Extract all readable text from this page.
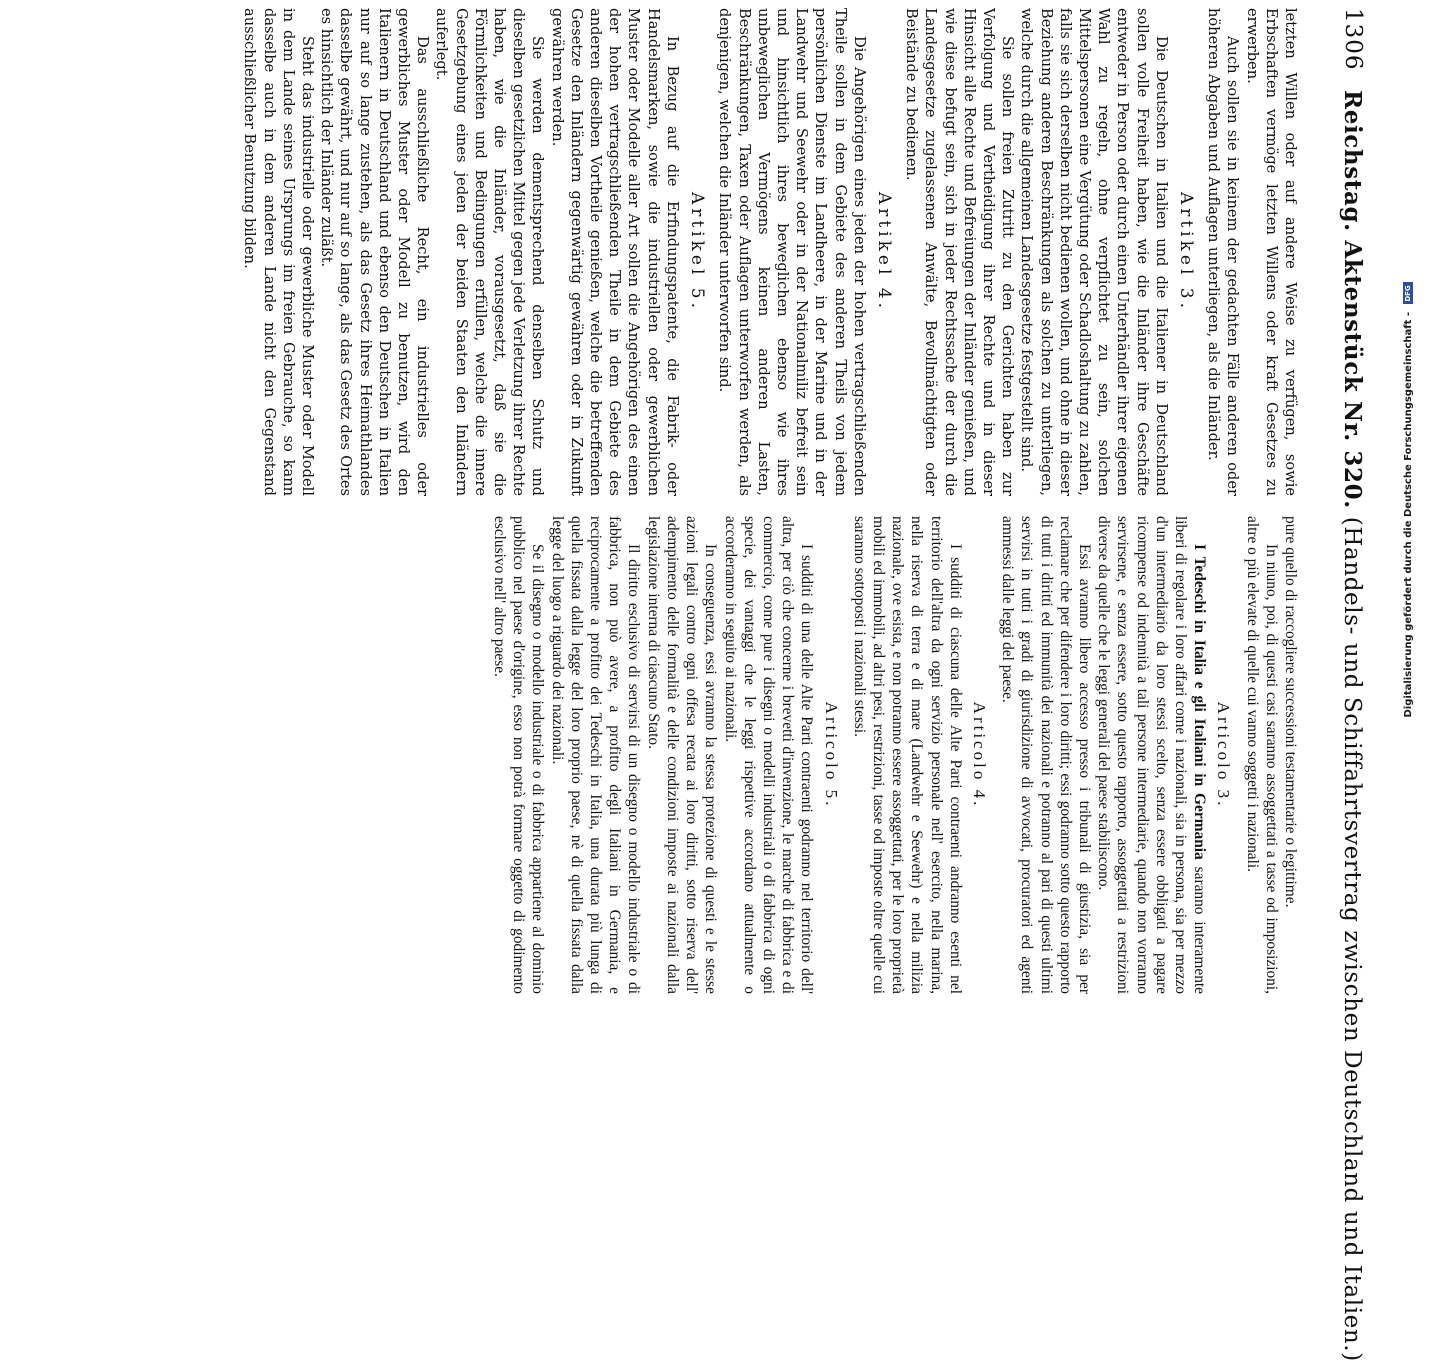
1306
Reichstag. Aktenstück Nr. 320. (Handels- und Schiffahrtsvertrag zwischen Deutschland und Italien.)

letzten Willen oder auf andere Weise zu verfügen, sowie Erbschaften vermöge letzten Willens oder kraft Gesetzes zu erwerben.

Auch sollen sie in keinem der gedachten Fälle anderen oder höheren Abgaben und Auflagen unterliegen, als die Inländer.

Artikel 3.

Die Deutschen in Italien und die Italiener in Deutschland sollen volle Freiheit haben, wie die Inländer ihre Geschäfte entweder in Person oder durch einen Unterhändler ihrer eigenen Wahl zu regeln, ohne verpflichtet zu sein, solchen Mittelspersonen eine Vergütung oder Schadloshaltung zu zahlen, falls sie sich derselben nicht bedienen wollen, und ohne in dieser Beziehung anderen Beschränkungen als solchen zu unterliegen, welche durch die allgemeinen Landesgesetze festgestellt sind.

Sie sollen freien Zutritt zu den Gerichten haben zur Verfolgung und Vertheidigung ihrer Rechte und in dieser Hinsicht alle Rechte und Befreiungen der Inländer genießen, und wie diese befugt sein, sich in jeder Rechtssache der durch die Landesgesetze zugelassenen Anwälte, Bevollmächtigten oder Beistände zu bedienen.

Artikel 4.

Die Angehörigen eines jeden der hohen vertragschließenden Theile sollen in dem Gebiete des anderen Theils von jedem persönlichen Dienste im Landheere, in der Marine und in der Landwehr und Seewehr oder in der Nationalmiliz befreit sein und hinsichtlich ihres beweglichen ebenso wie ihres unbeweglichen Vermögens keinen anderen Lasten, Beschränkungen, Taxen oder Auflagen unterworfen werden, als denjenigen, welchen die Inländer unterworfen sind.

Artikel 5.

In Bezug auf die Erfindungspatente, die Fabrik- oder Handelsmarken, sowie die industriellen oder gewerblichen Muster oder Modelle aller Art sollen die Angehörigen des einen der hohen vertragschließenden Theile in dem Gebiete des anderen dieselben Vortheile genießen, welche die betreffenden Gesetze den Inländern gegenwärtig gewähren oder in Zukunft gewähren werden.

Sie werden dementsprechend denselben Schutz und dieselben gesetzlichen Mittel gegen jede Verletzung ihrer Rechte haben, wie die Inländer, vorausgesetzt, daß sie die Förmlichkeiten und Bedingungen erfüllen, welche die innere Gesetzgebung eines jeden der beiden Staaten den Inländern auferlegt.

Das ausschließliche Recht, ein industrielles oder gewerbliches Muster oder Modell zu benutzen, wird den Italienern in Deutschland und ebenso den Deutschen in Italien nur auf so lange zustehen, als das Gesetz ihres Heimathlandes dasselbe gewährt, und nur auf so lange, als das Gesetz des Ortes es hinsichtlich der Inländer zuläßt.

Steht das industrielle oder gewerbliche Muster oder Modell in dem Lande seines Ursprungs im freien Gebrauche, so kann dasselbe auch in dem anderen Lande nicht den Gegenstand ausschließlicher Benutzung bilden.

pure quello di raccogliere successioni testamentarie o legittime.

In niuno, poi, di questi casi saranno assoggettati a tasse od imposizioni, altre o più elevate di quelle cui vanno soggetti i nazionali.

Articolo 3.

I Tedeschi in Italia e gli Italiani in Germania saranno interamente liberi di regolare i loro affari come i nazionali, sia in persona, sia per mezzo d'un intermediario da loro stessi scelto, senza essere obbligati a pagare ricompense od indennità a tali persone intermediarie, quando non vorranno servirsene, e senza essere, sotto questo rapporto, assoggettati a restrizioni diverse da quelle che le leggi generali del paese stabiliscono.

Essi avranno libero accesso presso i tribunali di giustizia, sia per reclamare che per difendere i loro diritti; essi godranno sotto questo rapporto di tutti i diritti ed immunità dei nazionali e potranno al pari di questi ultimi servirsi in tutti i gradi di giurisdizione di avvocati, procuratori ed agenti ammessi dalle leggi del paese.

Articolo 4.

I sudditi di ciascuna delle Alte Parti contraenti andranno esenti nel territorio dell'altra da ogni servizio personale nell' esercito, nella marina, nella riserva di terra e di mare (Landwehr e Seewehr) e nella milizia nazionale, ove esista, e non potranno essere assoggettati, per le loro proprietà mobili ed immobili, ad altri pesi, restrizioni, tasse od imposte oltre quelle cui saranno sottoposti i nazionali stessi.

Articolo 5.

I sudditi di una delle Alte Parti contraenti godranno nel territorio dell' altra, per ciò che concerne i brevetti d'invenzione, le marche di fabbrica e di commercio, come pure i disegni o modelli industriali o di fabbrica di ogni specie, dei vantaggi che le leggi rispettive accordano attualmente o accorderanno in seguito ai nazionali.

In conseguenza, essi avranno la stessa protezione di questi e le stesse azioni legali contro ogni offesa recata ai loro diritti, sotto riserva dell' adempimento delle formalità e delle condizioni imposte ai nazionali dalla legislazione interna di ciascuno Stato.

Il diritto esclusivo di servirsi di un disegno o modello industriale o di fabbrica, non può avere, a profitto degli Italiani in Germania, e reciprocamente a profitto dei Tedeschi in Italia, una durata più lunga di quella fissata dalla legge del loro proprio paese, nè di quella fissata dalla legge del luogo a riguardo dei nazionali.

Se il disegno o modello industriale o di fabbrica appartiene al dominio pubblico nel paese d'origine, esso non potrà formare oggetto di godimento esclusivo nell' altro paese.	Digitalisierung gefördert durch die Deutsche Forschungsgemeinschaft - DFG
